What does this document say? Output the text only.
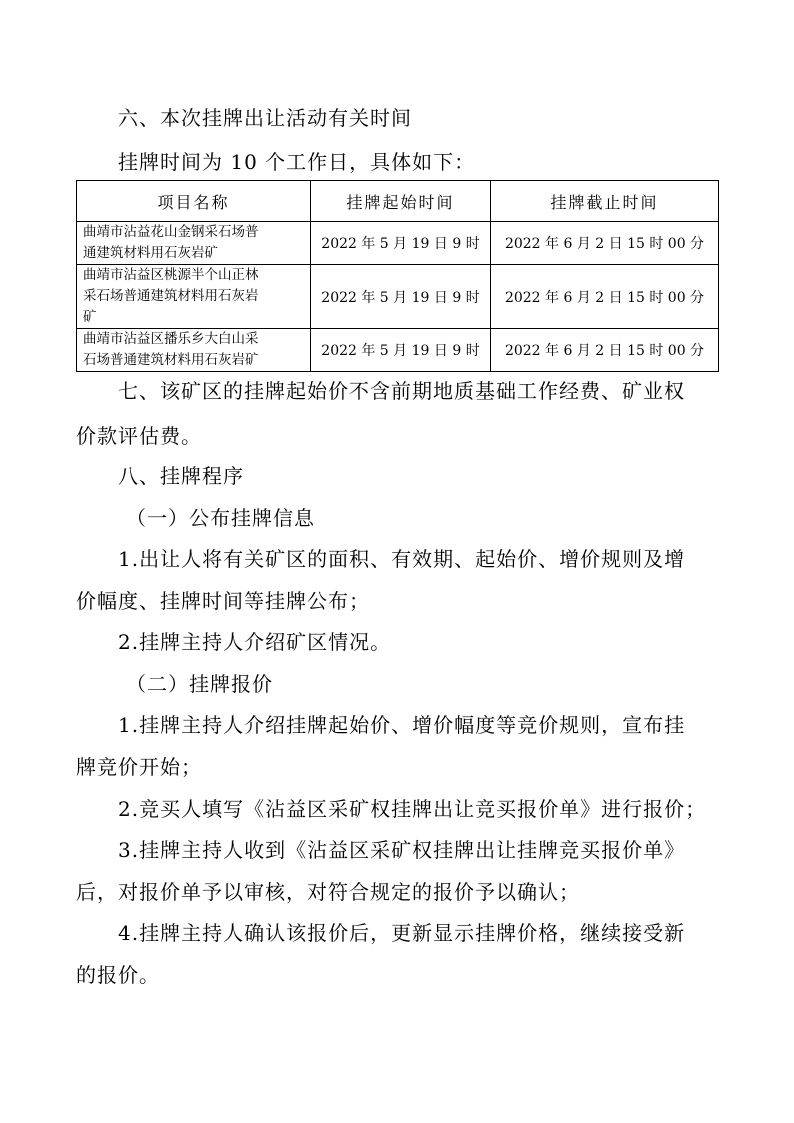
六、本次挂牌出让活动有关时间
挂牌时间为 10 个工作日，具体如下：
项目名称	挂牌起始时间	挂牌截止时间
曲靖市沾益花山金钢采石场普
通建筑材料用石灰岩矿	2022 年 5 月 19 日 9 时	2022 年 6 月 2 日 15 时 00 分
曲靖市沾益区桃源半个山正林
采石场普通建筑材料用石灰岩
矿	2022 年 5 月 19 日 9 时	2022 年 6 月 2 日 15 时 00 分
曲靖市沾益区播乐乡大白山采
石场普通建筑材料用石灰岩矿	2022 年 5 月 19 日 9 时	2022 年 6 月 2 日 15 时 00 分
七、该矿区的挂牌起始价不含前期地质基础工作经费、矿业权
价款评估费。
八、挂牌程序
（一）公布挂牌信息
1.出让人将有关矿区的面积、有效期、起始价、增价规则及增
价幅度、挂牌时间等挂牌公布；
2.挂牌主持人介绍矿区情况。
（二）挂牌报价
1.挂牌主持人介绍挂牌起始价、增价幅度等竞价规则，宣布挂
牌竞价开始；
2.竞买人填写《沾益区采矿权挂牌出让竞买报价单》进行报价；
3.挂牌主持人收到《沾益区采矿权挂牌出让挂牌竞买报价单》
后，对报价单予以审核，对符合规定的报价予以确认；
4.挂牌主持人确认该报价后，更新显示挂牌价格，继续接受新
的报价。
